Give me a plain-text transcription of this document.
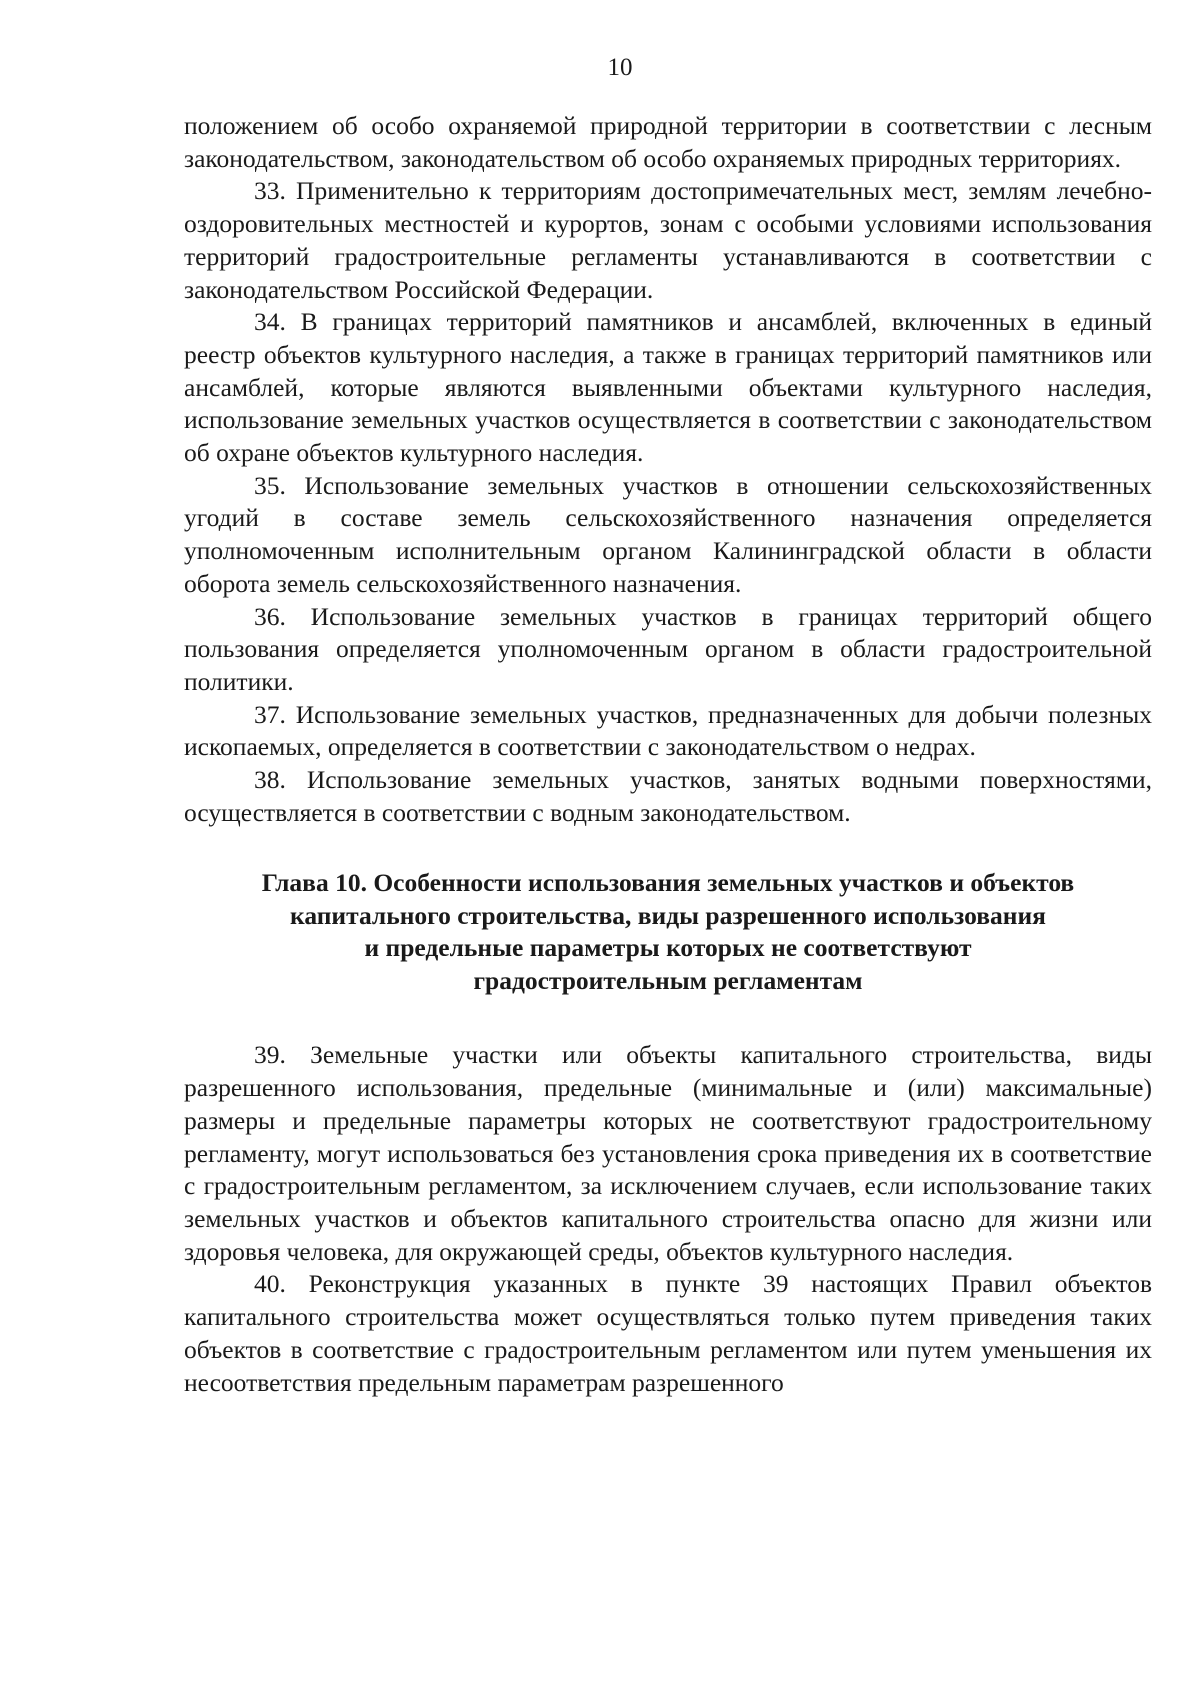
10

положением об особо охраняемой природной территории в соответствии с лесным законодательством, законодательством об особо охраняемых природных территориях.

33. Применительно к территориям достопримечательных мест, землям лечебно-оздоровительных местностей и курортов, зонам с особыми условиями использования территорий градостроительные регламенты устанавливаются в соответствии с законодательством Российской Федерации.

34. В границах территорий памятников и ансамблей, включенных в единый реестр объектов культурного наследия, а также в границах территорий памятников или ансамблей, которые являются выявленными объектами культурного наследия, использование земельных участков осуществляется в соответствии с законодательством об охране объектов культурного наследия.

35. Использование земельных участков в отношении сельскохозяйственных угодий в составе земель сельскохозяйственного назначения определяется уполномоченным исполнительным органом Калининградской области в области оборота земель сельскохозяйственного назначения.

36. Использование земельных участков в границах территорий общего пользования определяется уполномоченным органом в области градостроительной политики.

37. Использование земельных участков, предназначенных для добычи полезных ископаемых, определяется в соответствии с законодательством о недрах.

38. Использование земельных участков, занятых водными поверхностями, осуществляется в соответствии с водным законодательством.

Глава 10. Особенности использования земельных участков и объектов
капитального строительства, виды разрешенного использования
и предельные параметры которых не соответствуют
градостроительным регламентам

39. Земельные участки или объекты капитального строительства, виды разрешенного использования, предельные (минимальные и (или) максимальные) размеры и предельные параметры которых не соответствуют градостроительному регламенту, могут использоваться без установления срока приведения их в соответствие с градостроительным регламентом, за исключением случаев, если использование таких земельных участков и объектов капитального строительства опасно для жизни или здоровья человека, для окружающей среды, объектов культурного наследия.

40. Реконструкция указанных в пункте 39 настоящих Правил объектов капитального строительства может осуществляться только путем приведения таких объектов в соответствие с градостроительным регламентом или путем уменьшения их несоответствия предельным параметрам разрешенного
